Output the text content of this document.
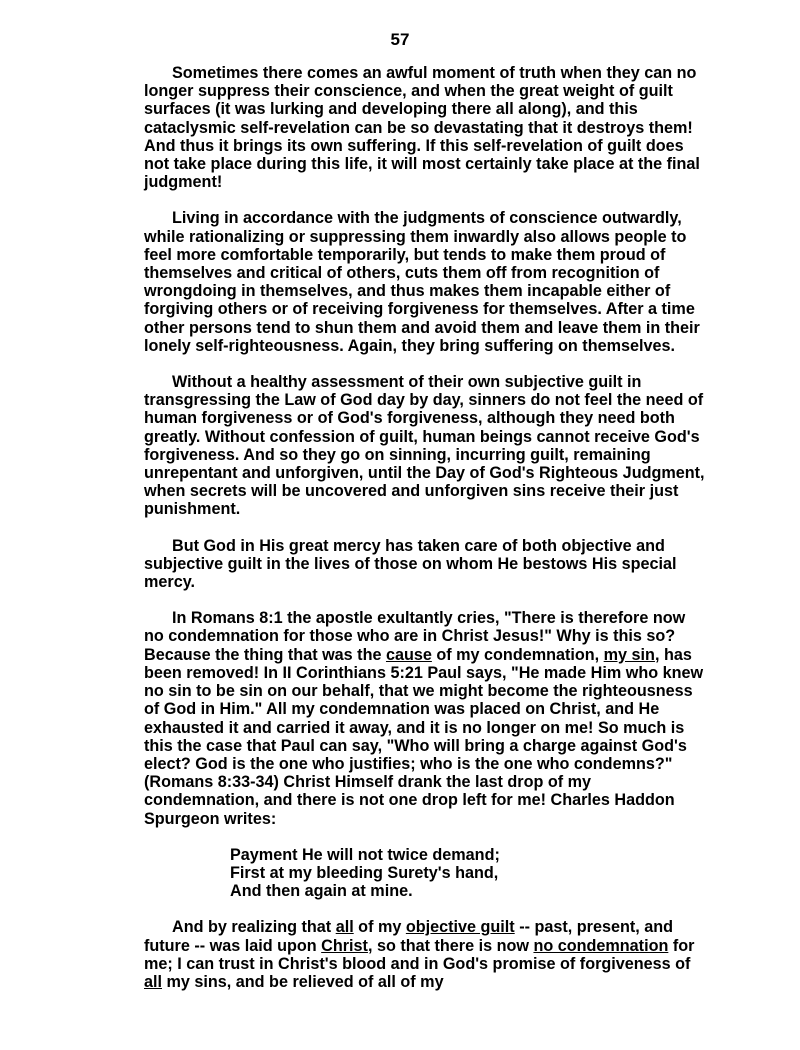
57

Sometimes there comes an awful moment of truth when they can no longer suppress their conscience, and when the great weight of guilt surfaces (it was lurking and developing there all along), and this cataclysmic self-revelation can be so devastating that it destroys them! And thus it brings its own suffering. If this self-revelation of guilt does not take place during this life, it will most certainly take place at the final judgment!

Living in accordance with the judgments of conscience outwardly, while rationalizing or suppressing them inwardly also allows people to feel more comfortable temporarily, but tends to make them proud of themselves and critical of others, cuts them off from recognition of wrongdoing in themselves, and thus makes them incapable either of forgiving others or of receiving forgiveness for themselves. After a time other persons tend to shun them and avoid them and leave them in their lonely self-righteousness. Again, they bring suffering on themselves.

Without a healthy assessment of their own subjective guilt in transgressing the Law of God day by day, sinners do not feel the need of human forgiveness or of God's forgiveness, although they need both greatly. Without confession of guilt, human beings cannot receive God's forgiveness. And so they go on sinning, incurring guilt, remaining unrepentant and unforgiven, until the Day of God's Righteous Judgment, when secrets will be uncovered and unforgiven sins receive their just punishment.

But God in His great mercy has taken care of both objective and subjective guilt in the lives of those on whom He bestows His special mercy.

In Romans 8:1 the apostle exultantly cries, "There is therefore now no condemnation for those who are in Christ Jesus!" Why is this so? Because the thing that was the cause of my condemnation, my sin, has been removed! In II Corinthians 5:21 Paul says, "He made Him who knew no sin to be sin on our behalf, that we might become the righteousness of God in Him." All my condemnation was placed on Christ, and He exhausted it and carried it away, and it is no longer on me! So much is this the case that Paul can say, "Who will bring a charge against God's elect? God is the one who justifies; who is the one who condemns?" (Romans 8:33-34) Christ Himself drank the last drop of my condemnation, and there is not one drop left for me! Charles Haddon Spurgeon writes:

Payment He will not twice demand;
First at my bleeding Surety's hand,
And then again at mine.

And by realizing that all of my objective guilt -- past, present, and future -- was laid upon Christ, so that there is now no condemnation for me; I can trust in Christ's blood and in God's promise of forgiveness of all my sins, and be relieved of all of my
